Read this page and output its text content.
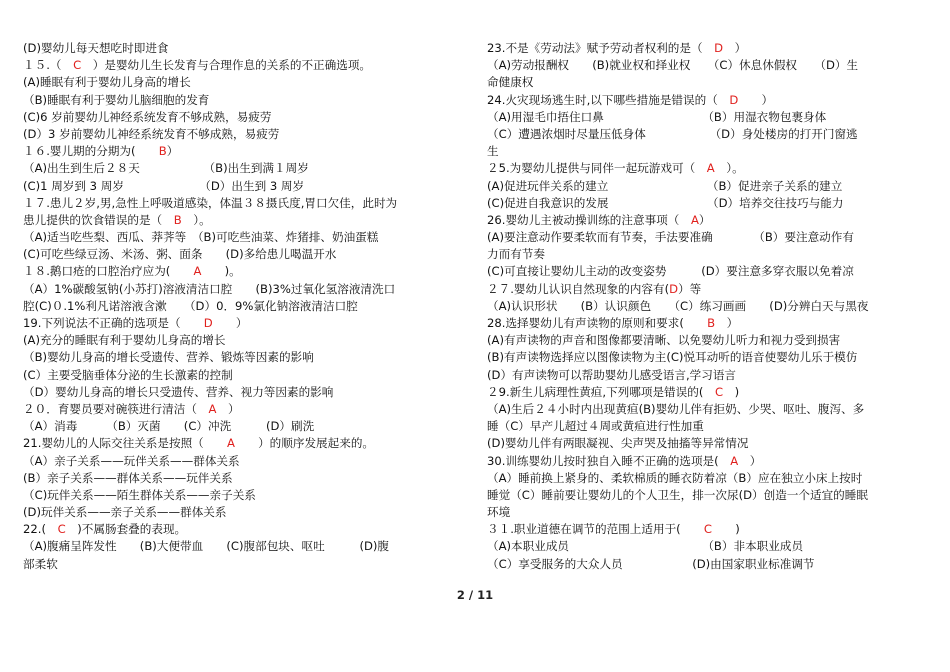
(D)婴幼儿每天想吃时即进食
１５.（　C　）是婴幼儿生长发育与合理作息的关系的不正确选项。
(A)睡眠有利于婴幼儿身高的增长
（B)睡眠有利于婴幼儿脑细胞的发育
(C)6 岁前婴幼儿神经系统发育不够成熟，易疲劳
(D）3 岁前婴幼儿神经系统发育不够成熟，易疲劳
１６.婴儿期的分期为(　　B）
（A)出生到生后２８天　　　　　　（B)出生到满１周岁
(C)1 周岁到 3 周岁　　　　　　　（D）出生到 3 周岁
１７.患儿２岁,男,急性上呼吸道感染，体温３８摄氏度,胃口欠佳，此时为
患儿提供的饮食错误的是（　B　）。
（A)适当吃些梨、西瓜、莽荠等　（B)可吃些油菜、炸猪排、奶油蛋糕
(C)可吃些绿豆汤、米汤、粥、面条　　(D)多给患儿喝温开水
１８.鹅口疮的口腔治疗应为(　　A　　)。
（A）1%碳酸氢钠(小苏打)溶液清洁口腔　　(B)3%过氧化氢溶液清洗口
腔(C)０.1%利凡诺溶液含漱　　（D）0．9%氯化钠溶液清洁口腔
19.下列说法不正确的选项是（　　D　　）
(A)充分的睡眠有利于婴幼儿身高的增长
（B)婴幼儿身高的增长受遗传、营养、锻炼等因素的影响
(C）主要受脑垂体分泌的生长激素的控制
（D）婴幼儿身高的增长只受遗传、营养、视力等因素的影响
２０．育婴员要对碗筷进行清洁（　A　）
（A）消毒　　　（B）灭菌　　(C）冲洗　　　(D）刷洗
21.婴幼儿的人际交往关系是按照（　　A　　）的顺序发展起来的。
（A）亲子关系——玩伴关系——群体关系
(B）亲子关系——群体关系——玩伴关系
（C)玩伴关系——陌生群体关系——亲子关系
(D)玩伴关系——亲子关系——群体关系
22.(　C　)不属肠套叠的表现。
（A)腹痛呈阵发性　　(B)大便带血　　(C)腹部包块、呕吐　　　(D)腹
部柔软
23.不是《劳动法》赋予劳动者权利的是（　D　）
（A)劳动报酬权　　(B)就业权和择业权　　（C）休息休假权　　（D）生
命健康权
24.火灾现场逃生时,以下哪些措施是错误的（　D　　）
（A)用湿毛巾捂住口鼻　　　　　　　　　（B）用湿衣物包裹身体
（C）遭遇浓烟时尽量压低身体　　　　　　（D）身处楼房的打开门窗逃
生
２5.为婴幼儿提供与同伴一起玩游戏可（　A　）。
(A)促进玩伴关系的建立　　　　　　　　　（B）促进亲子关系的建立
(C)促进自我意识的发展　　　　　　　　　（D）培养交往技巧与能力
26.婴幼儿主被动操训练的注意事项（　A）
(A)要注意动作要柔软而有节奏，手法要准确　　　　（B）要注意动作有
力而有节奏
(C)可直接让婴幼儿主动的改变姿势　　　(D）要注意多穿衣服以免着凉
２７.婴幼儿认识自然现象的内容有(D）等
（A)认识形状　　(B）认识颜色　　（C）练习画画　　(D)分辨白天与黑夜
28.选择婴幼儿有声读物的原则和要求(　　B　）
(A)有声读物的声音和图像都要清晰、以免婴幼儿听力和视力受到损害
(B)有声读物选择应以图像读物为主(C)悦耳动听的语音使婴幼儿乐于模仿
(D）有声读物可以帮助婴幼儿感受语言,学习语言
２9.新生儿病理性黄疸,下列哪项是错误的(　C　)
（A)生后２４小时内出现黄疸(B)婴幼儿伴有拒奶、少哭、呕吐、腹泻、多
睡（C）早产儿超过４周或黄疸进行性加重
(D)婴幼儿伴有两眼凝视、尖声哭及抽搐等异常情况
30.训练婴幼儿按时独自入睡不正确的选项是(　A　）
（A）睡前换上紧身的、柔软棉质的睡衣防着凉（B）应在独立小床上按时
睡觉（C）睡前要让婴幼儿的个人卫生，排一次尿(D）创造一个适宜的睡眠
环境
３１.职业道德在调节的范围上适用于(　　C　　)
（A)本职业成员　　　　　　　　　　　　（B）非本职业成员
（C）享受服务的大众人员　　　　　　(D)由国家职业标准调节
2 / 11
